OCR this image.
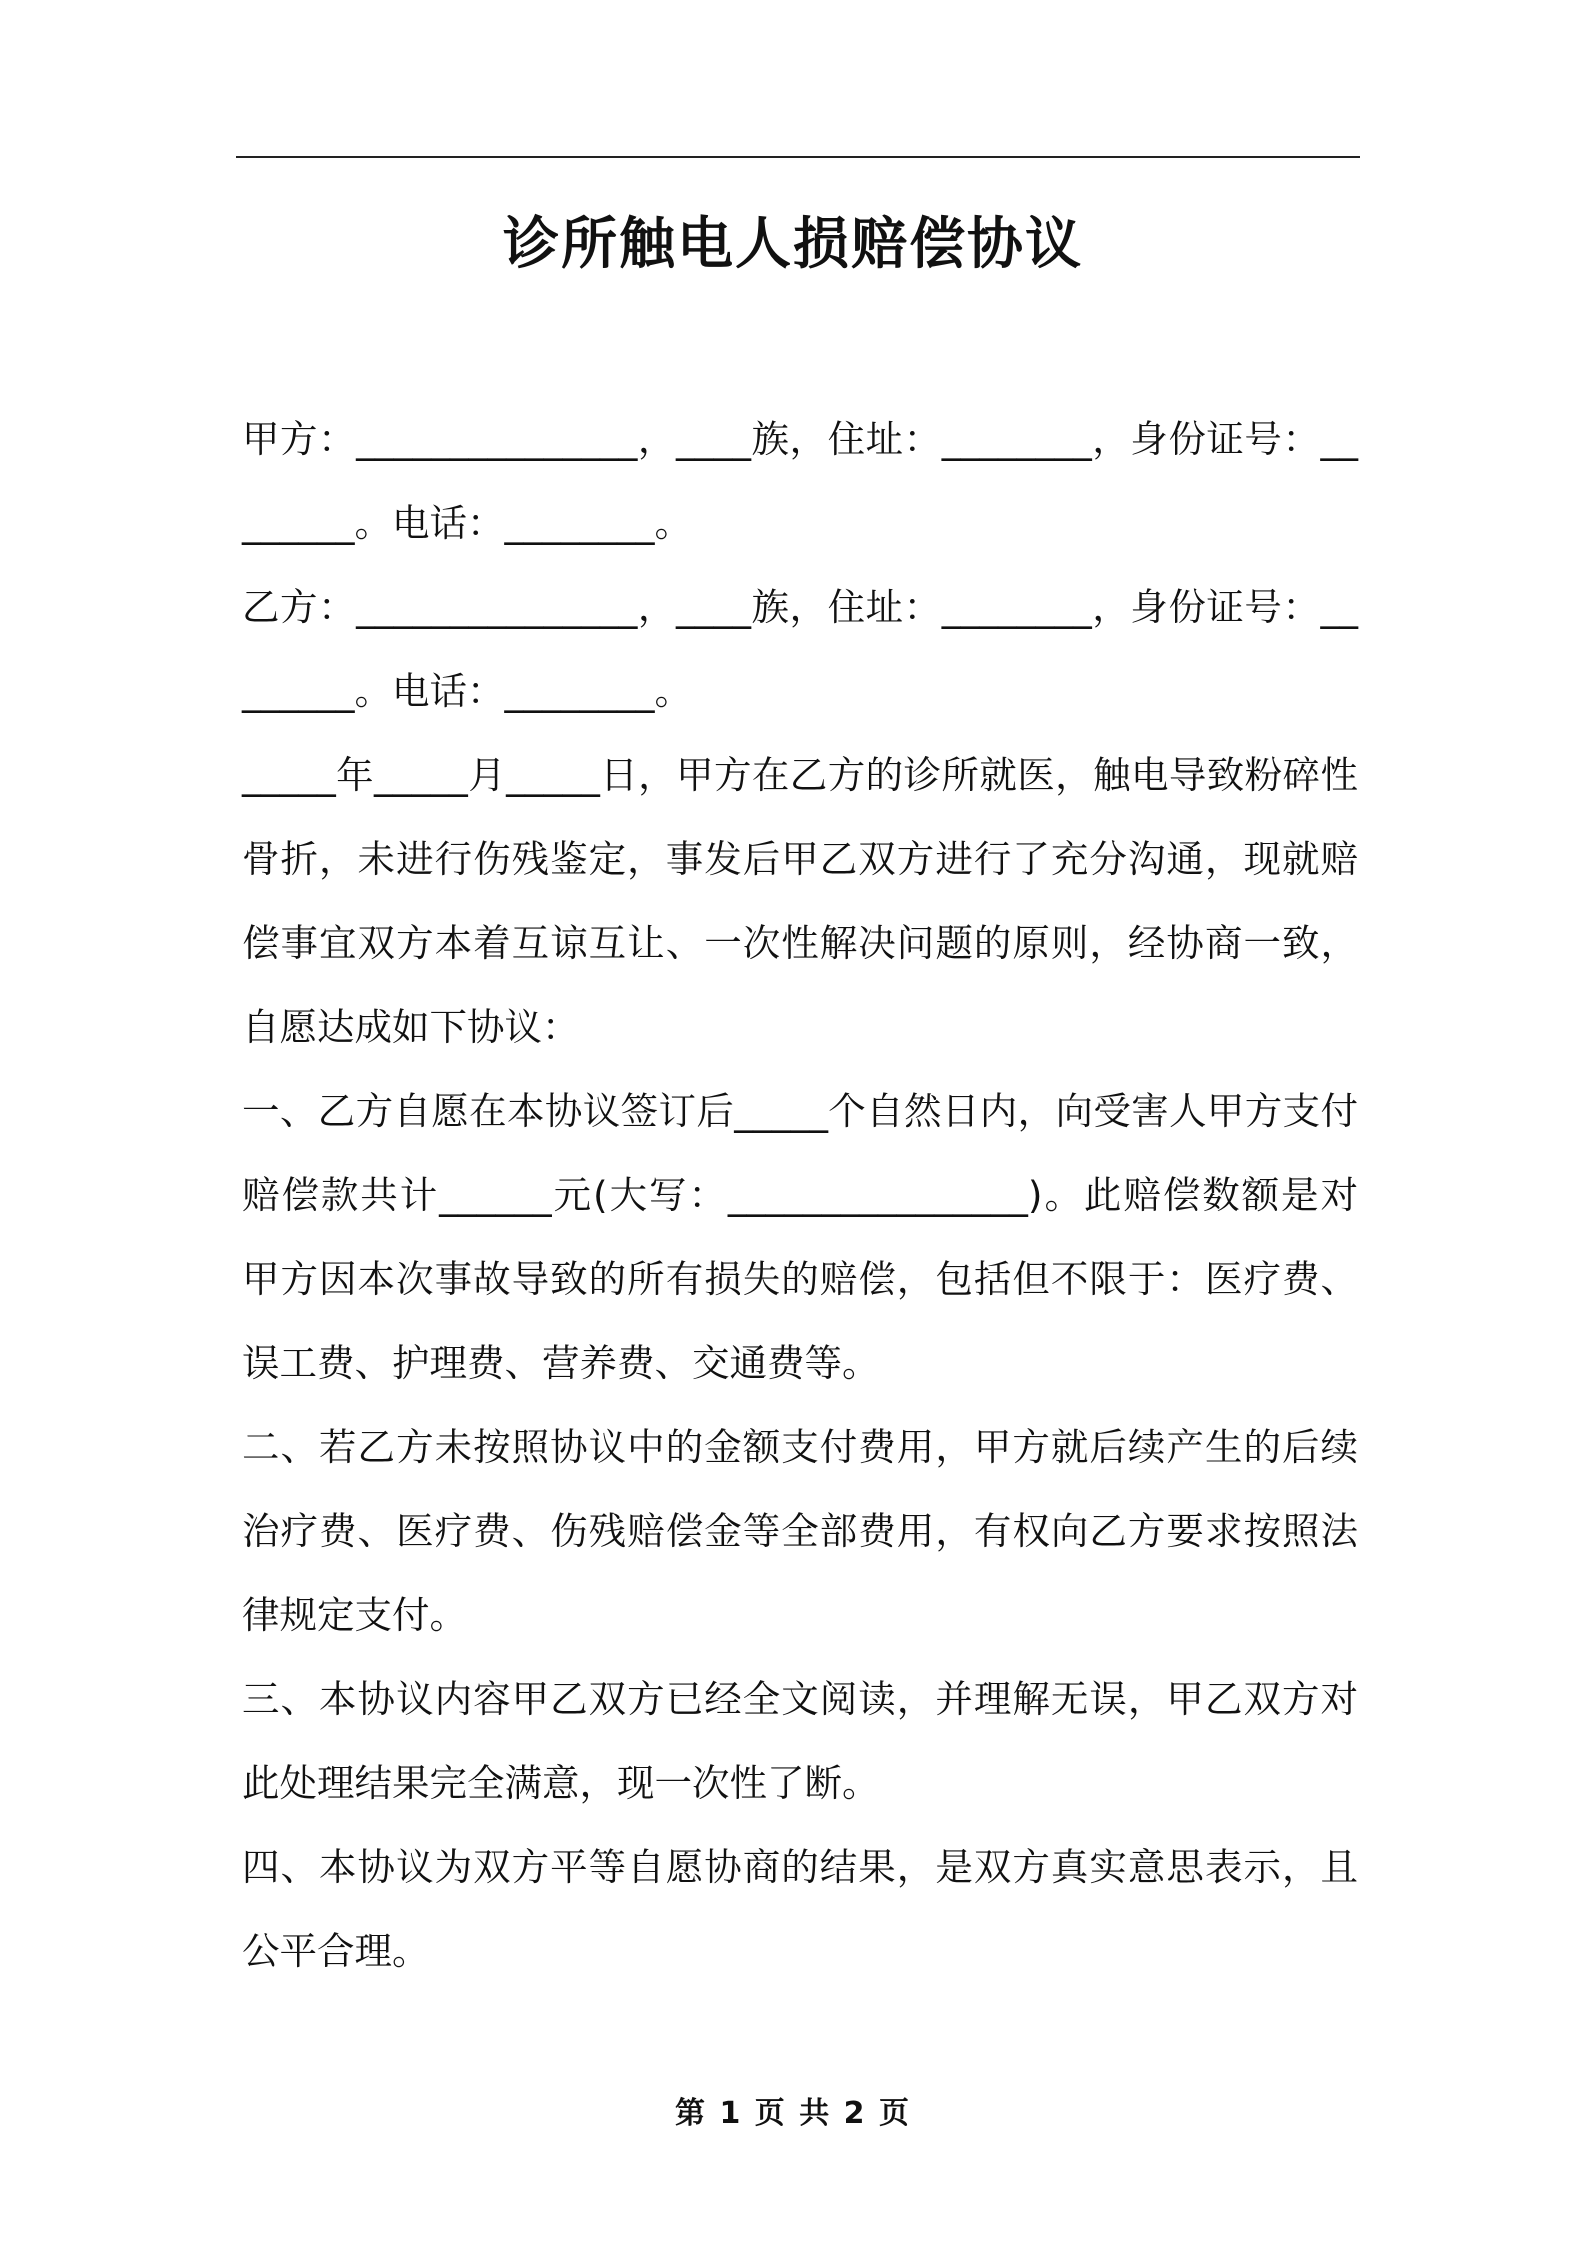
诊所触电人损赔偿协议

甲方：_______________，____族，住址：________，身份证号：________。电话：________。

乙方：_______________，____族，住址：________，身份证号：________。电话：________。

_____年_____月_____日，甲方在乙方的诊所就医，触电导致粉碎性骨折，未进行伤残鉴定，事发后甲乙双方进行了充分沟通，现就赔偿事宜双方本着互谅互让、一次性解决问题的原则，经协商一致，自愿达成如下协议：

一、乙方自愿在本协议签订后_____个自然日内，向受害人甲方支付赔偿款共计______元(大写：________________)。此赔偿数额是对甲方因本次事故导致的所有损失的赔偿，包括但不限于：医疗费、误工费、护理费、营养费、交通费等。

二、若乙方未按照协议中的金额支付费用，甲方就后续产生的后续治疗费、医疗费、伤残赔偿金等全部费用，有权向乙方要求按照法律规定支付。

三、本协议内容甲乙双方已经全文阅读，并理解无误，甲乙双方对此处理结果完全满意，现一次性了断。

四、本协议为双方平等自愿协商的结果，是双方真实意思表示，且公平合理。

第 1 页 共 2 页
